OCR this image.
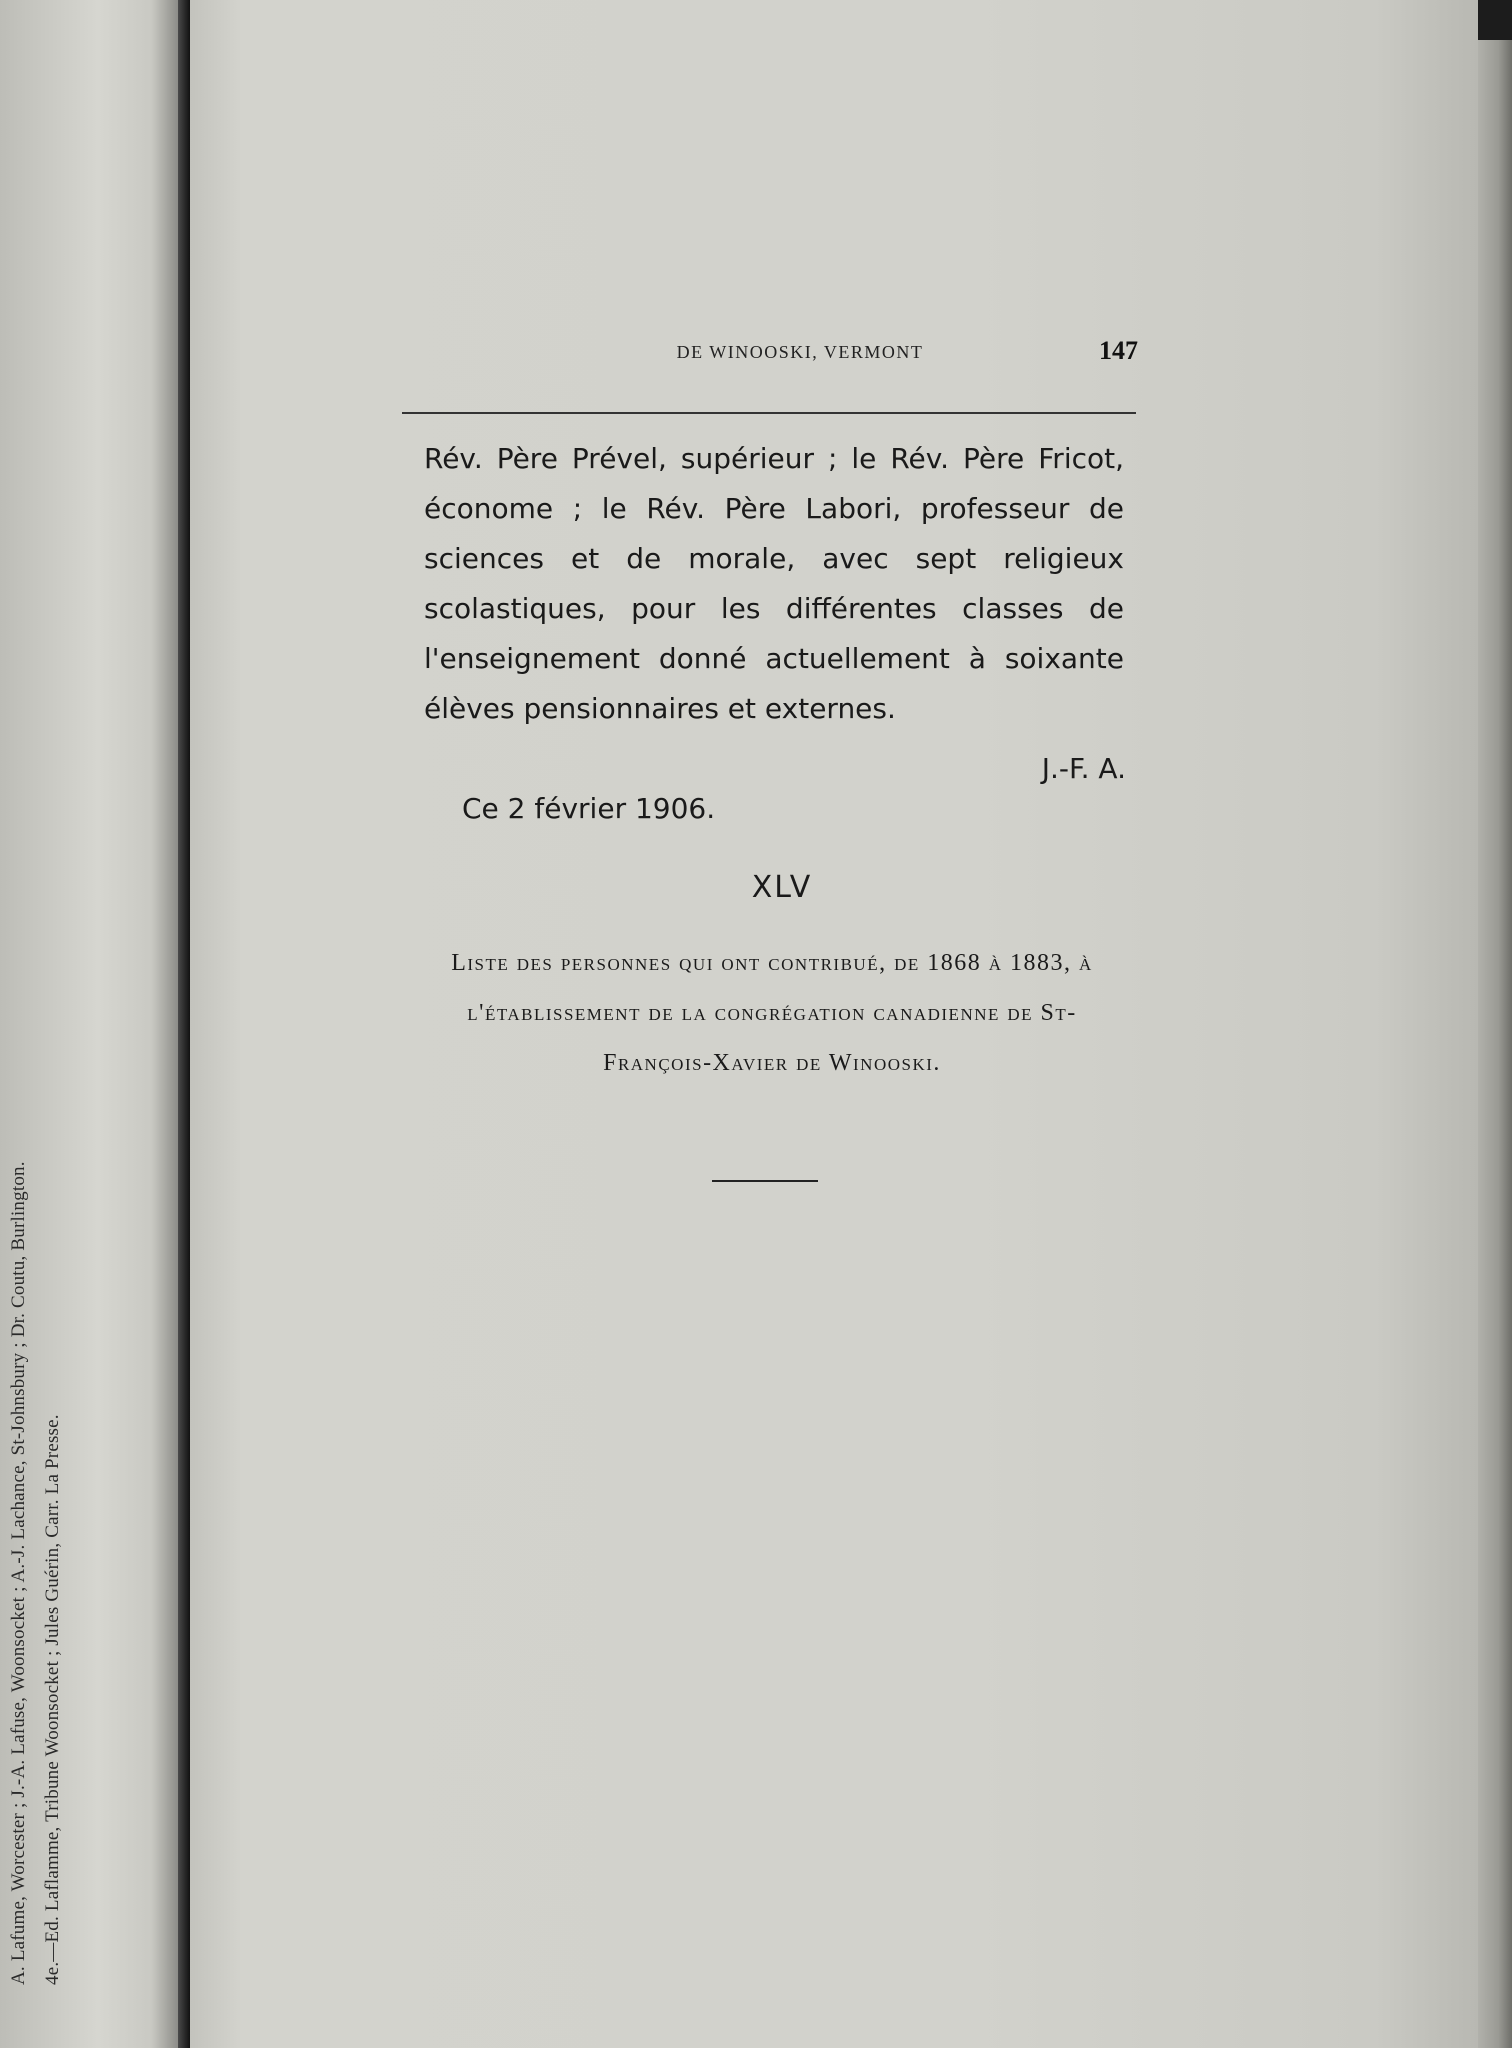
A. Lafume, Worcester ; J.-A. Lafuse, Woonsocket ; A.-J. Lachance, St-Johnsbury ; Dr. Coutu, Burlington. 4e.—Ed. Laflamme, Tribune Woonsocket ; Jules Guérin, Carr. La Presse.
DE WINOOSKI, VERMONT	147
Rév. Père Prével, supérieur ; le Rév. Père Fricot, économe ; le Rév. Père Labori, professeur de sciences et de morale, avec sept religieux scolastiques, pour les différentes classes de l'enseignement donné actuellement à soixante élèves pensionnaires et externes.
J.-F. A.
Ce 2 février 1906.
XLV
Liste des personnes qui ont contribué, de 1868 à 1883, à l'établissement de la congrégation canadienne de St-François-Xavier de Winooski.
